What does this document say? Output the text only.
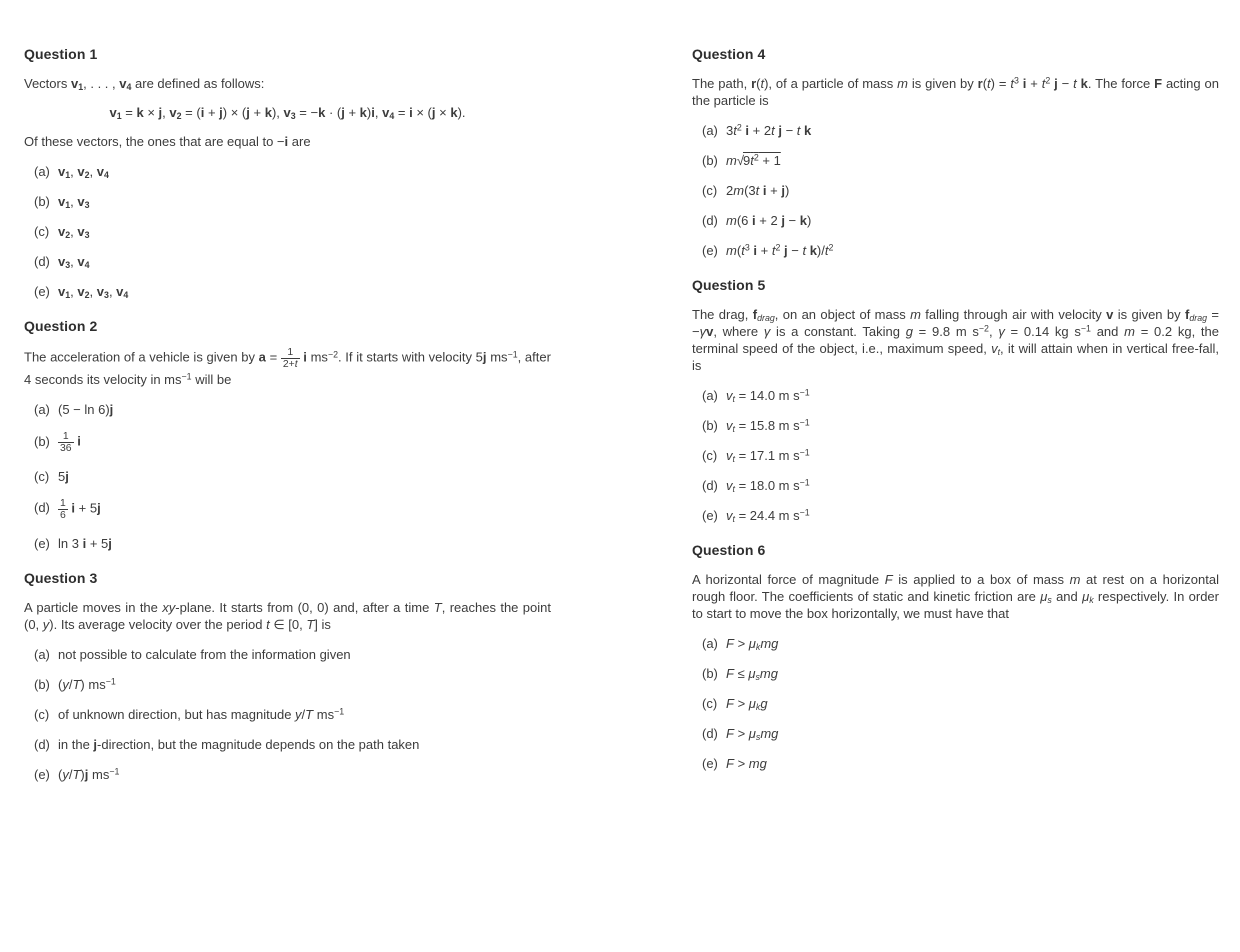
Question 1

Vectors $v_1$, . . . , $v_4$ are defined as follows:

$v_1 = k \times j$, $v_2 = (i + j) \times (j + k)$, $v_3 = -k \cdot (j + k)i$, $v_4 = i \times (j \times k)$.

Of these vectors, the ones that are equal to −i are

(a) $v_1$, $v_2$, $v_4$
(b) $v_1$, $v_3$
(c) $v_2$, $v_3$
(d) $v_3$, $v_4$
(e) $v_1$, $v_2$, $v_3$, $v_4$
Question 2

The acceleration of a vehicle is given by $a = \frac{1}{2+t}$ i $ms^{-2}$. If it starts with velocity 5j $ms^{-1}$, after 4 seconds its velocity in $ms^{-1}$ will be

(a) (5 − ln 6)j
$(b) \frac{1}{36}$ i
(c) 5j
$(d) \frac{1}{6}$ i + 5j
(e) ln 3 i + 5j
Question 3

A particle moves in the xy-plane. It starts from (0, 0) and, after a time T, reaches the point (0, y). Its average velocity over the period t ∈ [0, T] is

(a) not possible to calculate from the information given
(b) (y/T) $ms^{-1}$
(c) of unknown direction, but has magnitude y/T $ms^{-1}$
(d) in the j-direction, but the magnitude depends on the path taken
(e) (y/T)j $ms^{-1}$
Question 4

The path, r(t), of a particle of mass m is given by $r(t) = t^3$ $i + t^2$ j − t k. The force F acting on the particle is

(a) $3t^2$ i + 2t j − t k
(b) $m√9t^2 + 1$
(c) 2m(3t i + j)
(d) m(6 i + 2 j − k)
(e) $m(t^3$ $i + t^2$ j − t $k)/t^2$
Question 5

The drag, $f_{drag}$, on an object of mass m falling through air with velocity v is given by $f_{drag} = -\gamma v$, where γ is a constant. Taking g = 9.8 m $s^{-2}$, γ = 0.14 kg $s^{-1}$ and m = 0.2 kg, the terminal speed of the object, i.e., maximum speed, $v_t$, it will attain when in vertical free-fall, is

(a) $v_t = 14.0$ m $s^{-1}$
(b) $v_t = 15.8$ m $s^{-1}$
(c) $v_t = 17.1$ m $s^{-1}$
(d) $v_t = 18.0$ m $s^{-1}$
(e) $v_t = 24.4$ m $s^{-1}$
Question 6

A horizontal force of magnitude F is applied to a box of mass m at rest on a horizontal rough floor. The coefficients of static and kinetic friction are $\mu_s$ and $\mu_k$ respectively. In order to start to move the box horizontally, we must have that

(a) $F > \mu_kmg$
(b) $F \le \mu_smg$
(c) $F > \mu_kg$
(d) $F > \mu_smg$
(e) F > mg
